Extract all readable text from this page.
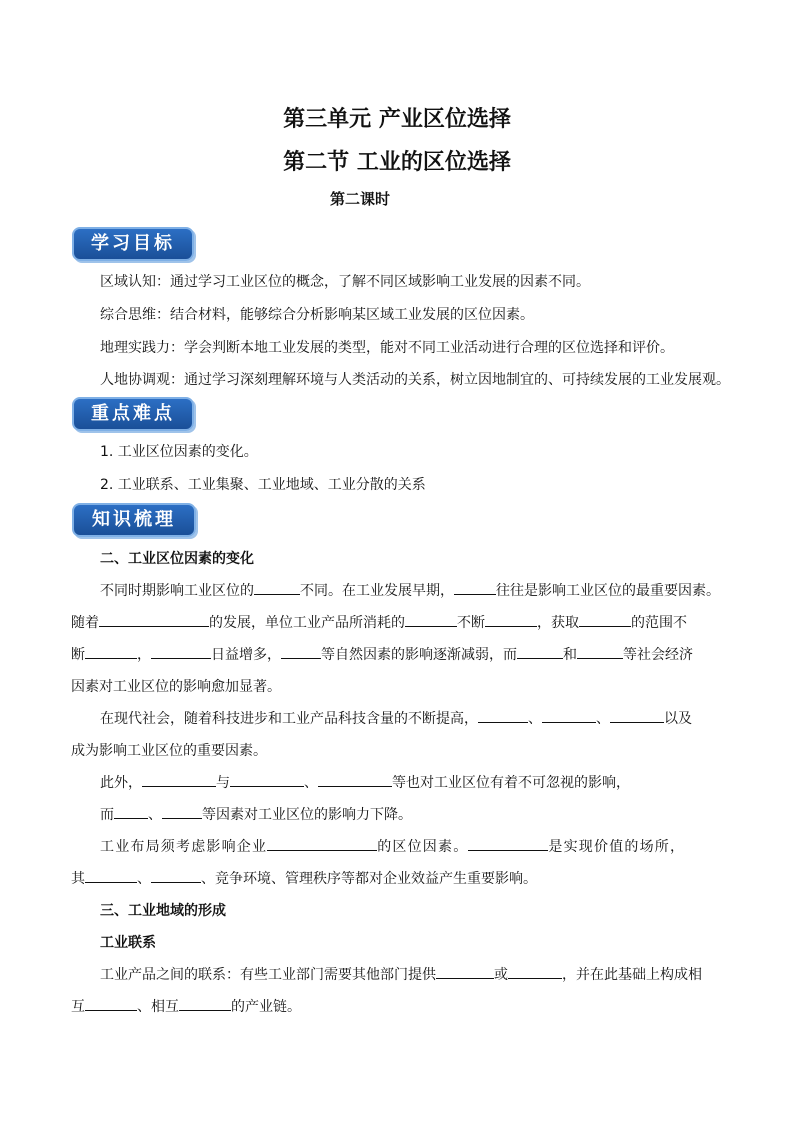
第三单元 产业区位选择
第二节 工业的区位选择
第二课时
学习目标
区域认知：通过学习工业区位的概念，了解不同区域影响工业发展的因素不同。
综合思维：结合材料，能够综合分析影响某区域工业发展的区位因素。
地理实践力：学会判断本地工业发展的类型，能对不同工业活动进行合理的区位选择和评价。
人地协调观：通过学习深刻理解环境与人类活动的关系，树立因地制宜的、可持续发展的工业发展观。
重点难点
1. 工业区位因素的变化。
2. 工业联系、工业集聚、工业地域、工业分散的关系
知识梳理
二、工业区位因素的变化
不同时期影响工业区位的	不同。在工业发展早期，	往往是影响工业区位的最重要因素。
随着	的发展，单位工业产品所消耗的	不断	，获取	的范围不
断	，	日益增多，	等自然因素的影响逐渐减弱，而	和	等社会经济
因素对工业区位的影响愈加显著。
在现代社会，随着科技进步和工业产品科技含量的不断提高，	、	、	以及
成为影响工业区位的重要因素。
此外，	与	、	等也对工业区位有着不可忽视的影响，
而 、	等因素对工业区位的影响力下降。
工业布局须考虑影响企业	的区位因素。	是实现价值的场所，
其	、	、竞争环境、管理秩序等都对企业效益产生重要影响。
三、工业地域的形成
工业联系
工业产品之间的联系：有些工业部门需要其他部门提供	或	，并在此基础上构成相
互	、相互	的产业链。
